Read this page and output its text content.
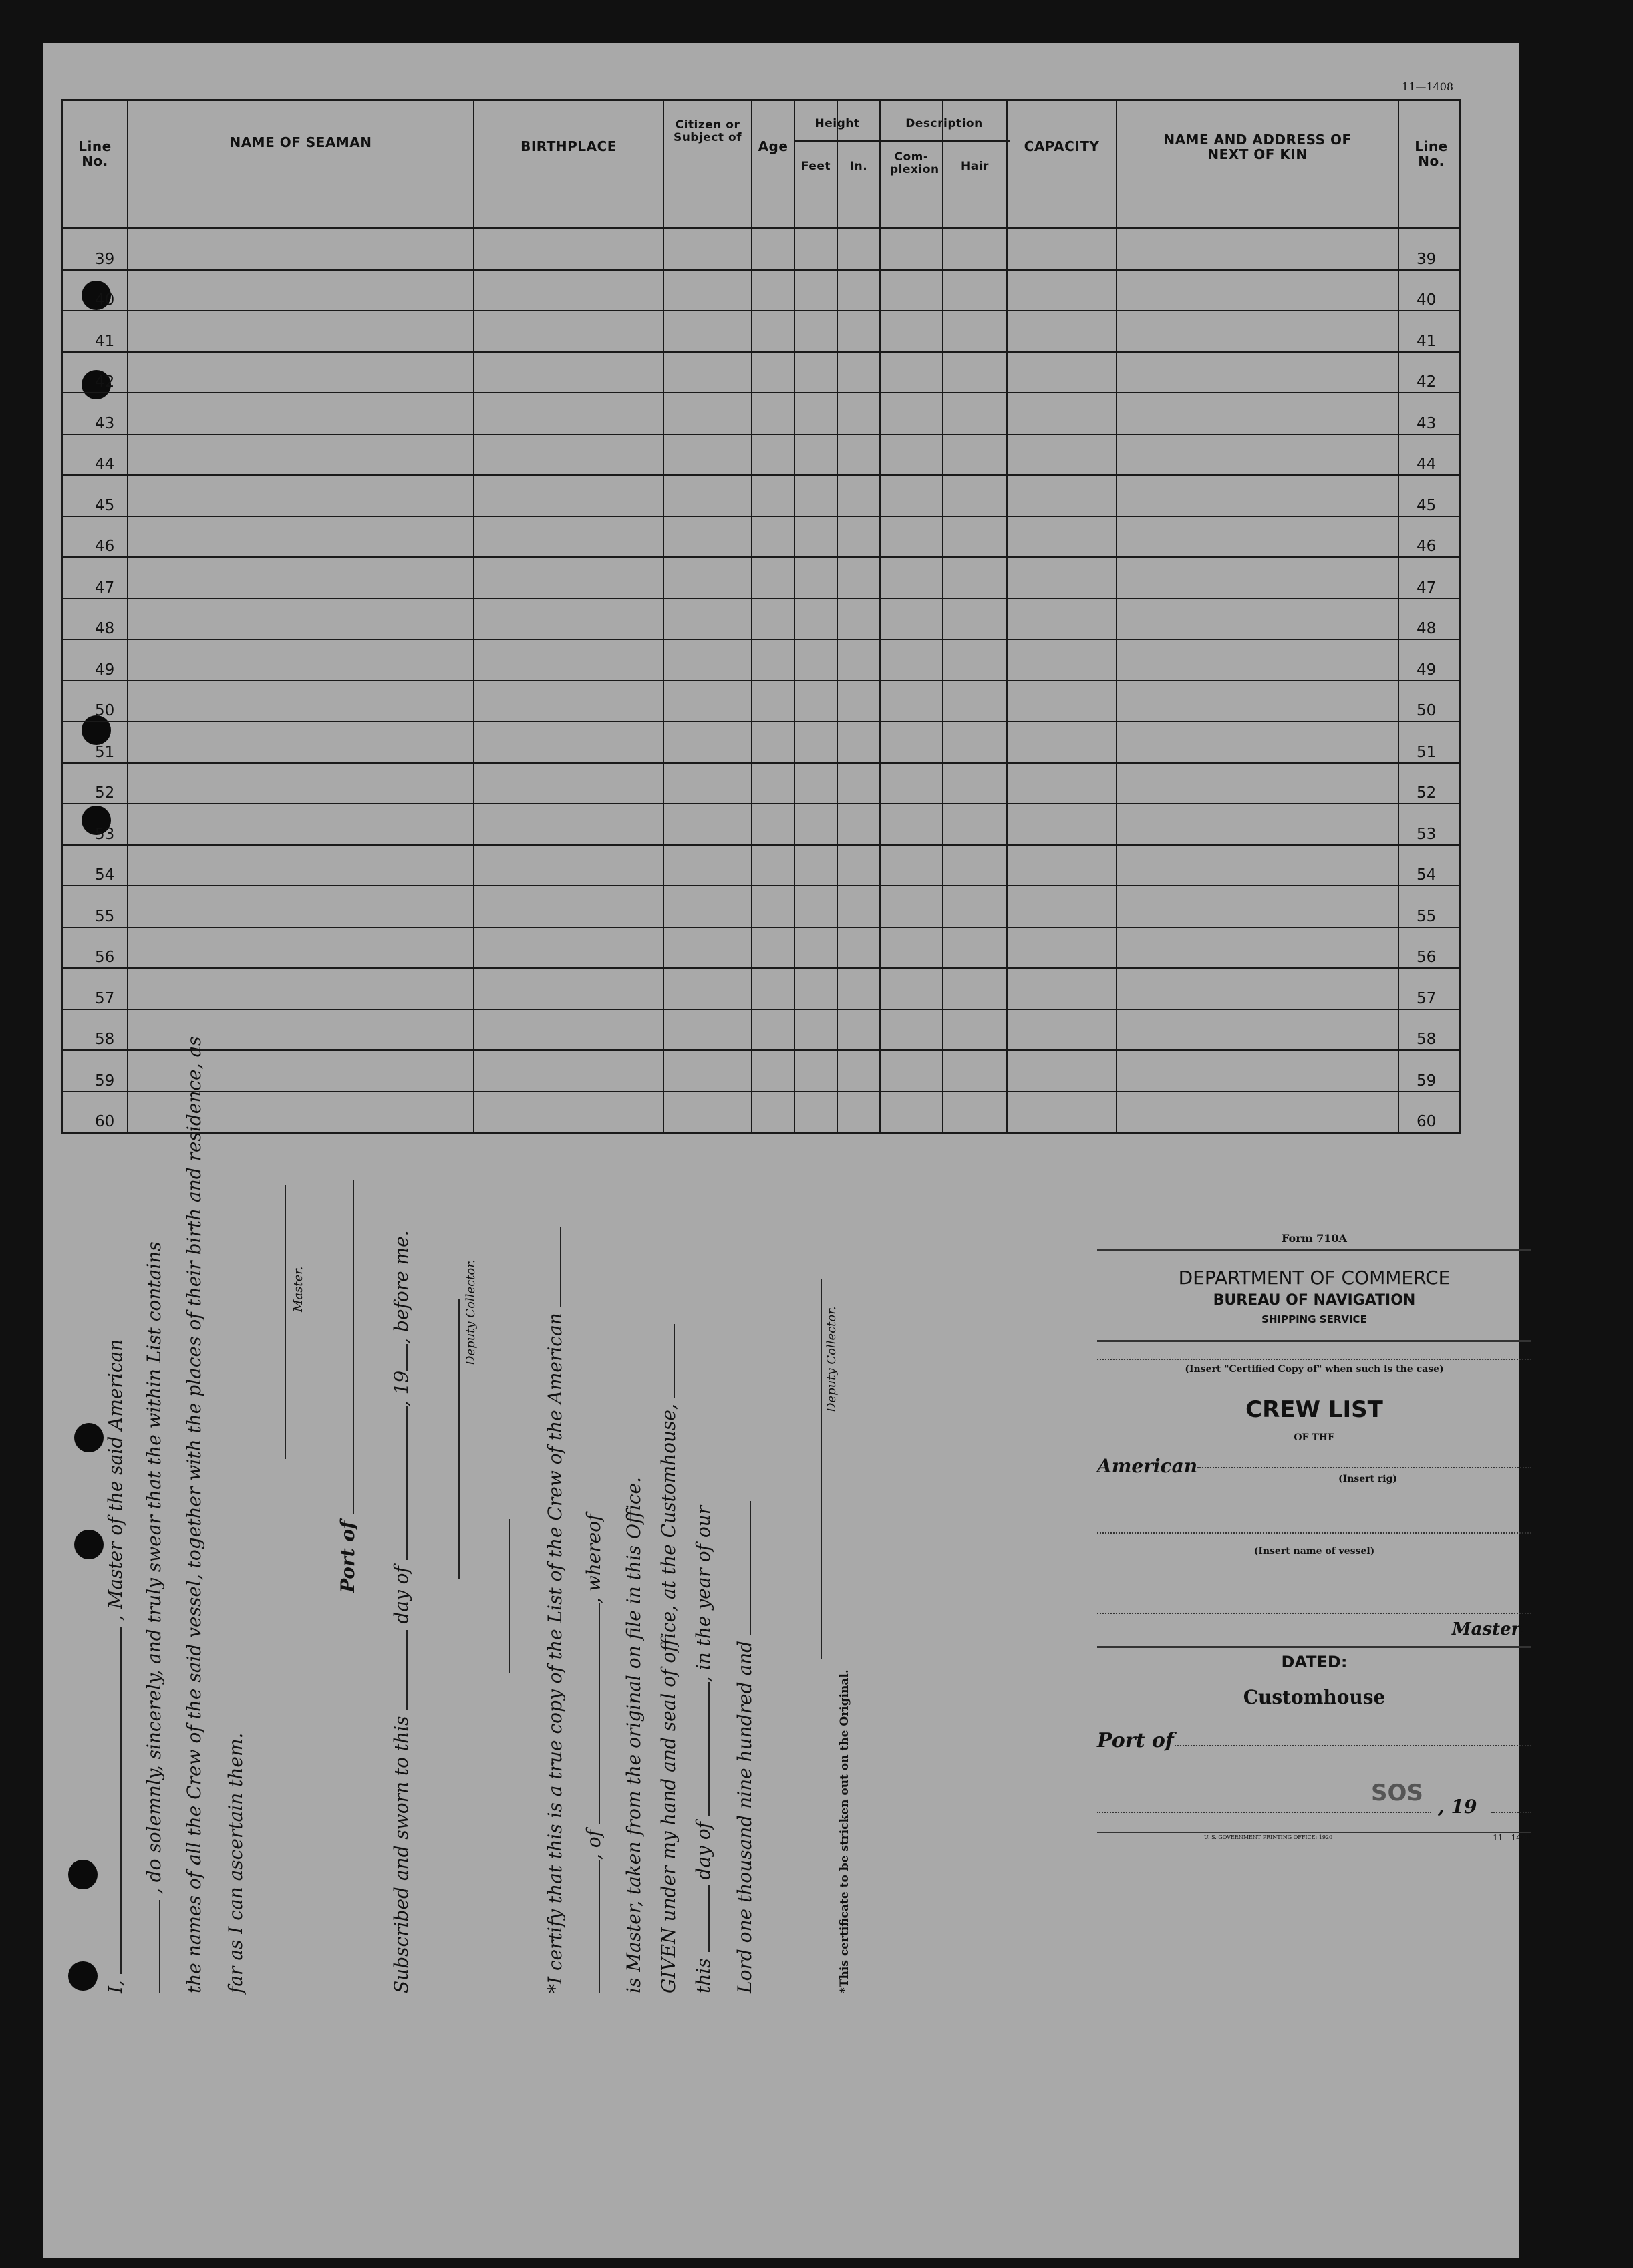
11—1408
Line No.
NAME OF SEAMAN	BIRTHPLACE
Citizen or Subject of
Age
Height
Feet	In.
Description
Com-plexion	Hair
CAPACITY	NAME AND ADDRESS OF NEXT OF KIN	Line No.
39	39
40	40
41	41
42	42
43	43
44	44
45	45
46	46
47	47
48	48
49	49
50	50
51	51
52	52
53	53
54	54
55	55
56	56
57	57
58	58
59	59
60	60
I,  , Master of the said American , do solemnly, sincerely, and truly swear that the within List contains the names of all the Crew of the said vessel, together with the places of their birth and residence, as far as I can ascertain them.
Master.
Port of
Subscribed and sworn to this  day of , 19, before me.	Deputy Collector.
*I certify that this is a true copy of the List of the Crew of the American , of , whereof is Master, taken from the original on file in this Office. GIVEN under my hand and seal of office, at the Customhouse, this  day of , in the year of our
Lord one thousand nine hundred and
Deputy Collector.
*This certificate to be stricken out on the Original.
Form 710A
DEPARTMENT OF COMMERCE
BUREAU OF NAVIGATION
SHIPPING SERVICE
(Insert "Certified Copy of" when such is the case)
CREW LIST
OF THE
American
(Insert rig)
(Insert name of vessel)
Master.
DATED:
Customhouse
Port of
SOS
, 19
U. S. GOVERNMENT PRINTING OFFICE: 1920	11—1408
